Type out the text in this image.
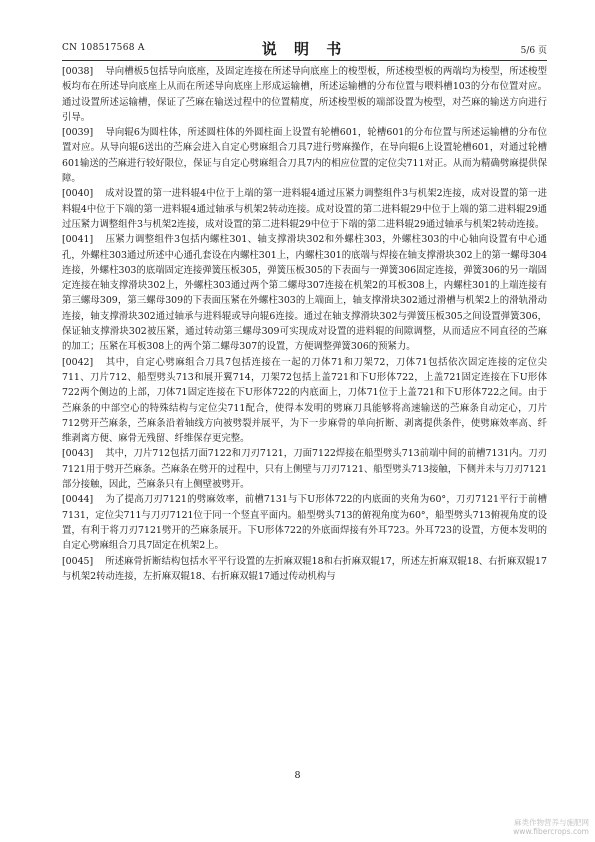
CN 108517568 A	说 明 书	5/6 页

[0038] 导向槽板5包括导向底座，及固定连接在所述导向底座上的梭型板，所述梭型板的两端均为梭型，所述梭型板均布在所述导向底座上从而在所述导向底座上形成运输槽，所述运输槽的分布位置与喂料槽103的分布位置对应。通过设置所述运输槽，保证了苎麻在输送过程中的位置精度，所述梭型板的端部设置为梭型，对苎麻的输送方向进行引导。

[0039] 导向辊6为圆柱体，所述圆柱体的外圆柱面上设置有轮槽601，轮槽601的分布位置与所述运输槽的分布位置对应。从导向辊6送出的苎麻会进入自定心劈麻组合刀具7进行劈麻操作，在导向辊6上设置轮槽601，对通过轮槽601输送的苎麻进行较好限位，保证与自定心劈麻组合刀具7内的相应位置的定位尖711对正。从而为精确劈麻提供保障。

[0040] 成对设置的第一进料辊4中位于上端的第一进料辊4通过压紧力调整组件3与机架2连接，成对设置的第一进料辊4中位于下端的第一进料辊4通过轴承与机架2转动连接。成对设置的第二进料辊29中位于上端的第二进料辊29通过压紧力调整组件3与机架2连接，成对设置的第二进料辊29中位于下端的第二进料辊29通过轴承与机架2转动连接。

[0041] 压紧力调整组件3包括内螺柱301、轴支撑滑块302和外螺柱303，外螺柱303的中心轴向设置有中心通孔，外螺柱303通过所述中心通孔套设在内螺柱301上，内螺柱301的底端与焊接在轴支撑滑块302上的第一螺母304连接，外螺柱303的底端固定连接弹簧压板305，弹簧压板305的下表面与一弹簧306固定连接，弹簧306的另一端固定连接在轴支撑滑块302上，外螺柱303通过两个第二螺母307连接在机架2的耳板308上，内螺柱301的上端连接有第三螺母309，第三螺母309的下表面压紧在外螺柱303的上端面上，轴支撑滑块302通过滑槽与机架2上的滑轨滑动连接，轴支撑滑块302通过轴承与进料辊或导向辊6连接。通过在轴支撑滑块302与弹簧压板305之间设置弹簧306，保证轴支撑滑块302被压紧，通过转动第三螺母309可实现成对设置的进料辊的间隙调整，从而适应不同直径的苎麻的加工；压紧在耳板308上的两个第二螺母307的设置，方便调整弹簧306的预紧力。

[0042] 其中，自定心劈麻组合刀具7包括连接在一起的刀体71和刀架72，刀体71包括依次固定连接的定位尖711、刀片712、船型劈头713和展开翼714，刀架72包括上盖721和下U形体722，上盖721固定连接在下U形体722两个侧边的上部，刀体71固定连接在下U形体722的内底面上，刀体71位于上盖721和下U形体722之间。由于苎麻条的中部空心的特殊结构与定位尖711配合，使得本发明的劈麻刀具能够将高速输送的苎麻条自动定心，刀片712劈开苎麻条，苎麻条沿着轴线方向被劈裂并展平，为下一步麻骨的单向折断、剥离提供条件，使劈麻效率高、纤维剥离方便、麻骨无残留、纤维保存更完整。

[0043] 其中，刀片712包括刀面7122和刀刃7121，刀面7122焊接在船型劈头713前端中间的前槽7131内。刀刃7121用于劈开苎麻条。苎麻条在劈开的过程中，只有上侧壁与刀刃7121、船型劈头713接触，下侧并未与刀刃7121部分接触，因此，苎麻条只有上侧壁被劈开。

[0044] 为了提高刀刃7121的劈麻效率，前槽7131与下U形体722的内底面的夹角为60°，刀刃7121平行于前槽7131，定位尖711与刀刃7121位于同一个竖直平面内。船型劈头713的俯视角度为60°，船型劈头713俯视角度的设置，有利于将刀刃7121劈开的苎麻条展开。下U形体722的外底面焊接有外耳723。外耳723的设置，方便本发明的自定心劈麻组合刀具7固定在机架2上。

[0045] 所述麻骨折断结构包括水平平行设置的左折麻双辊18和右折麻双辊17，所述左折麻双辊18、右折麻双辊17与机架2转动连接，左折麻双辊18、右折麻双辊17通过传动机构与

8
麻类作物营养与施肥网
www.fibercrops.com
